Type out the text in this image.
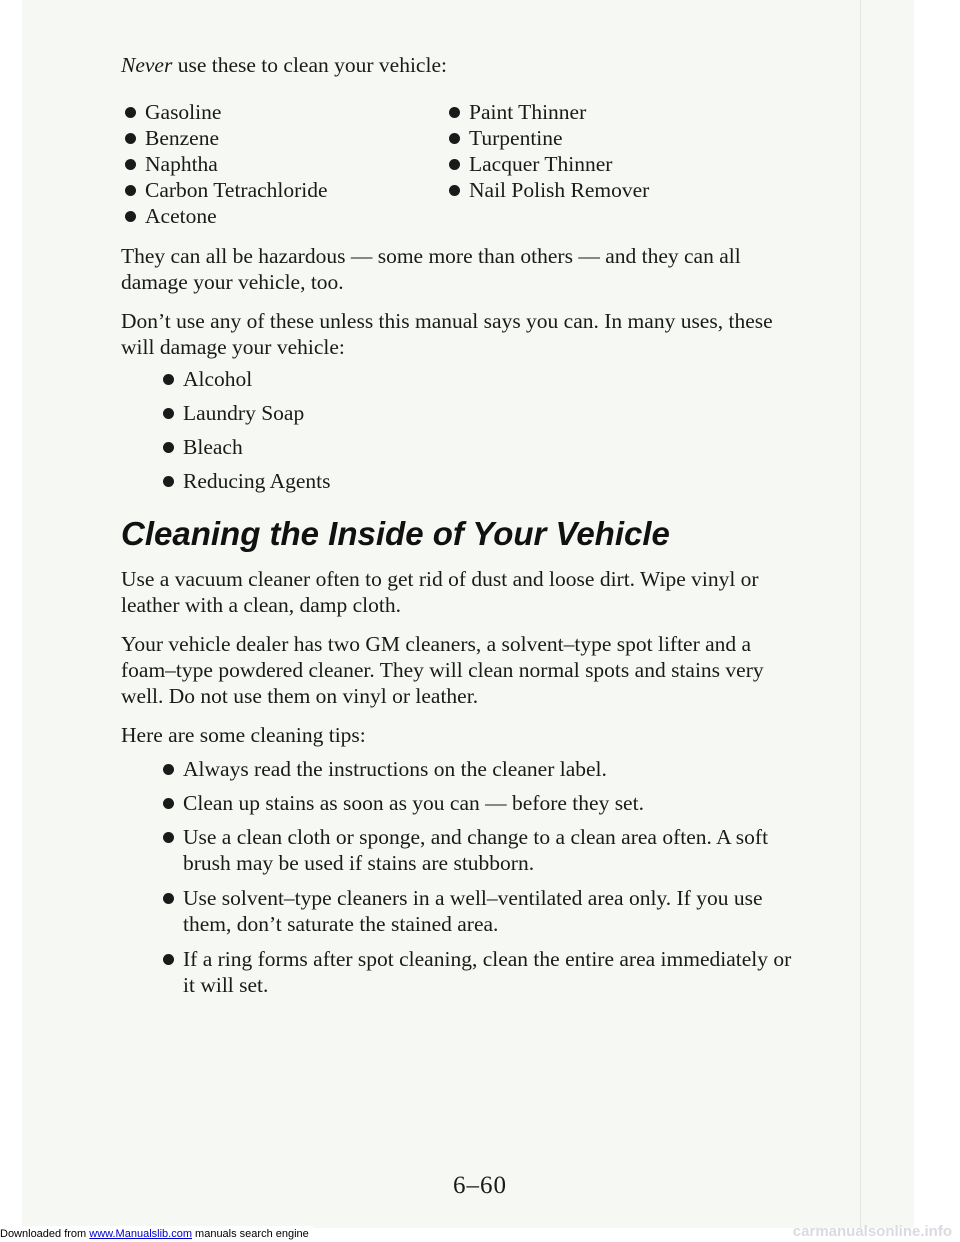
Never use these to clean your vehicle:

Gasoline
Benzene
Naphtha
Carbon Tetrachloride
Acetone
Paint Thinner
Turpentine
Lacquer Thinner
Nail Polish Remover

They can all be hazardous — some more than others — and they can all damage your vehicle, too.

Don’t use any of these unless this manual says you can. In many uses, these will damage your vehicle:

Alcohol
Laundry Soap
Bleach
Reducing Agents
Cleaning the Inside of Your Vehicle

Use a vacuum cleaner often to get rid of dust and loose dirt. Wipe vinyl or leather with a clean, damp cloth.

Your vehicle dealer has two GM cleaners, a solvent–type spot lifter and a foam–type powdered cleaner. They will clean normal spots and stains very well. Do not use them on vinyl or leather.

Here are some cleaning tips:

Always read the instructions on the cleaner label.
Clean up stains as soon as you can — before they set.
Use a clean cloth or sponge, and change to a clean area often. A soft brush may be used if stains are stubborn.
Use solvent–type cleaners in a well–ventilated area only. If you use them, don’t saturate the stained area.
If a ring forms after spot cleaning, clean the entire area immediately or it will set.
6–60
Downloaded from www.Manualslib.com manuals search engine	carmanualsonline.info
